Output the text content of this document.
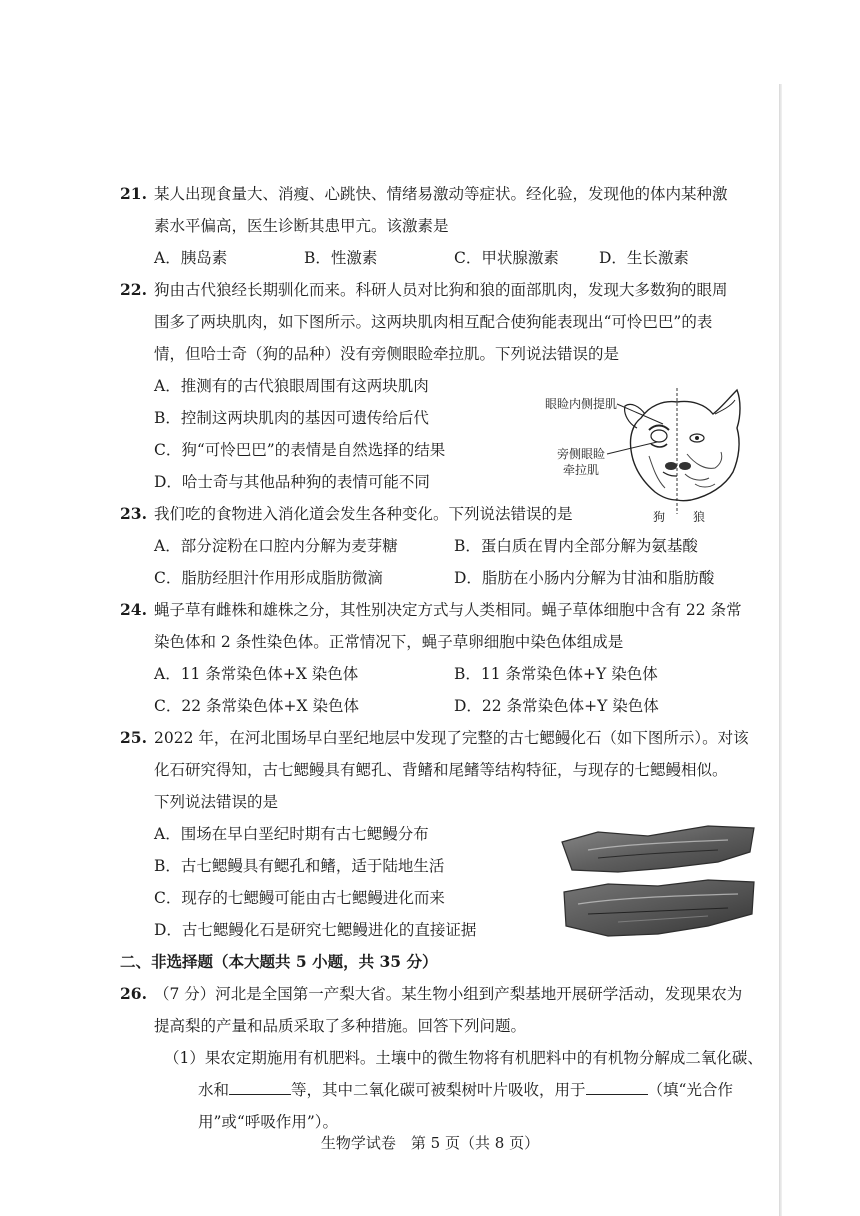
21. 某人出现食量大、消瘦、心跳快、情绪易激动等症状。经化验，发现他的体内某种激
素水平偏高，医生诊断其患甲亢。该激素是
A．胰岛素	B．性激素	C．甲状腺激素	D．生长激素
22. 狗由古代狼经长期驯化而来。科研人员对比狗和狼的面部肌肉，发现大多数狗的眼周
围多了两块肌肉，如下图所示。这两块肌肉相互配合使狗能表现出“可怜巴巴”的表
情，但哈士奇（狗的品种）没有旁侧眼睑牵拉肌。下列说法错误的是
A．推测有的古代狼眼周围有这两块肌肉
B．控制这两块肌肉的基因可遗传给后代
C．狗“可怜巴巴”的表情是自然选择的结果
D．哈士奇与其他品种狗的表情可能不同
眼睑内侧提肌
旁侧眼睑
牵拉肌
狗 狼
23. 我们吃的食物进入消化道会发生各种变化。下列说法错误的是
A．部分淀粉在口腔内分解为麦芽糖	B．蛋白质在胃内全部分解为氨基酸
C．脂肪经胆汁作用形成脂肪微滴	D．脂肪在小肠内分解为甘油和脂肪酸
24. 蝇子草有雌株和雄株之分，其性别决定方式与人类相同。蝇子草体细胞中含有 22 条常
染色体和 2 条性染色体。正常情况下，蝇子草卵细胞中染色体组成是
A．11 条常染色体+X 染色体	B．11 条常染色体+Y 染色体
C．22 条常染色体+X 染色体	D．22 条常染色体+Y 染色体
25. 2022 年，在河北围场早白垩纪地层中发现了完整的古七鳃鳗化石（如下图所示）。对该
化石研究得知，古七鳃鳗具有鳃孔、背鳍和尾鳍等结构特征，与现存的七鳃鳗相似。
下列说法错误的是
A．围场在早白垩纪时期有古七鳃鳗分布
B．古七鳃鳗具有鳃孔和鳍，适于陆地生活
C．现存的七鳃鳗可能由古七鳃鳗进化而来
D．古七鳃鳗化石是研究七鳃鳗进化的直接证据
二、非选择题（本大题共 5 小题，共 35 分）
26. （7 分）河北是全国第一产梨大省。某生物小组到产梨基地开展研学活动，发现果农为
提高梨的产量和品质采取了多种措施。回答下列问题。
（1）果农定期施用有机肥料。土壤中的微生物将有机肥料中的有机物分解成二氧化碳、
水和	等，其中二氧化碳可被梨树叶片吸收，用于	（填“光合作
用”或“呼吸作用”）。
生物学试卷　第 5 页（共 8 页）
